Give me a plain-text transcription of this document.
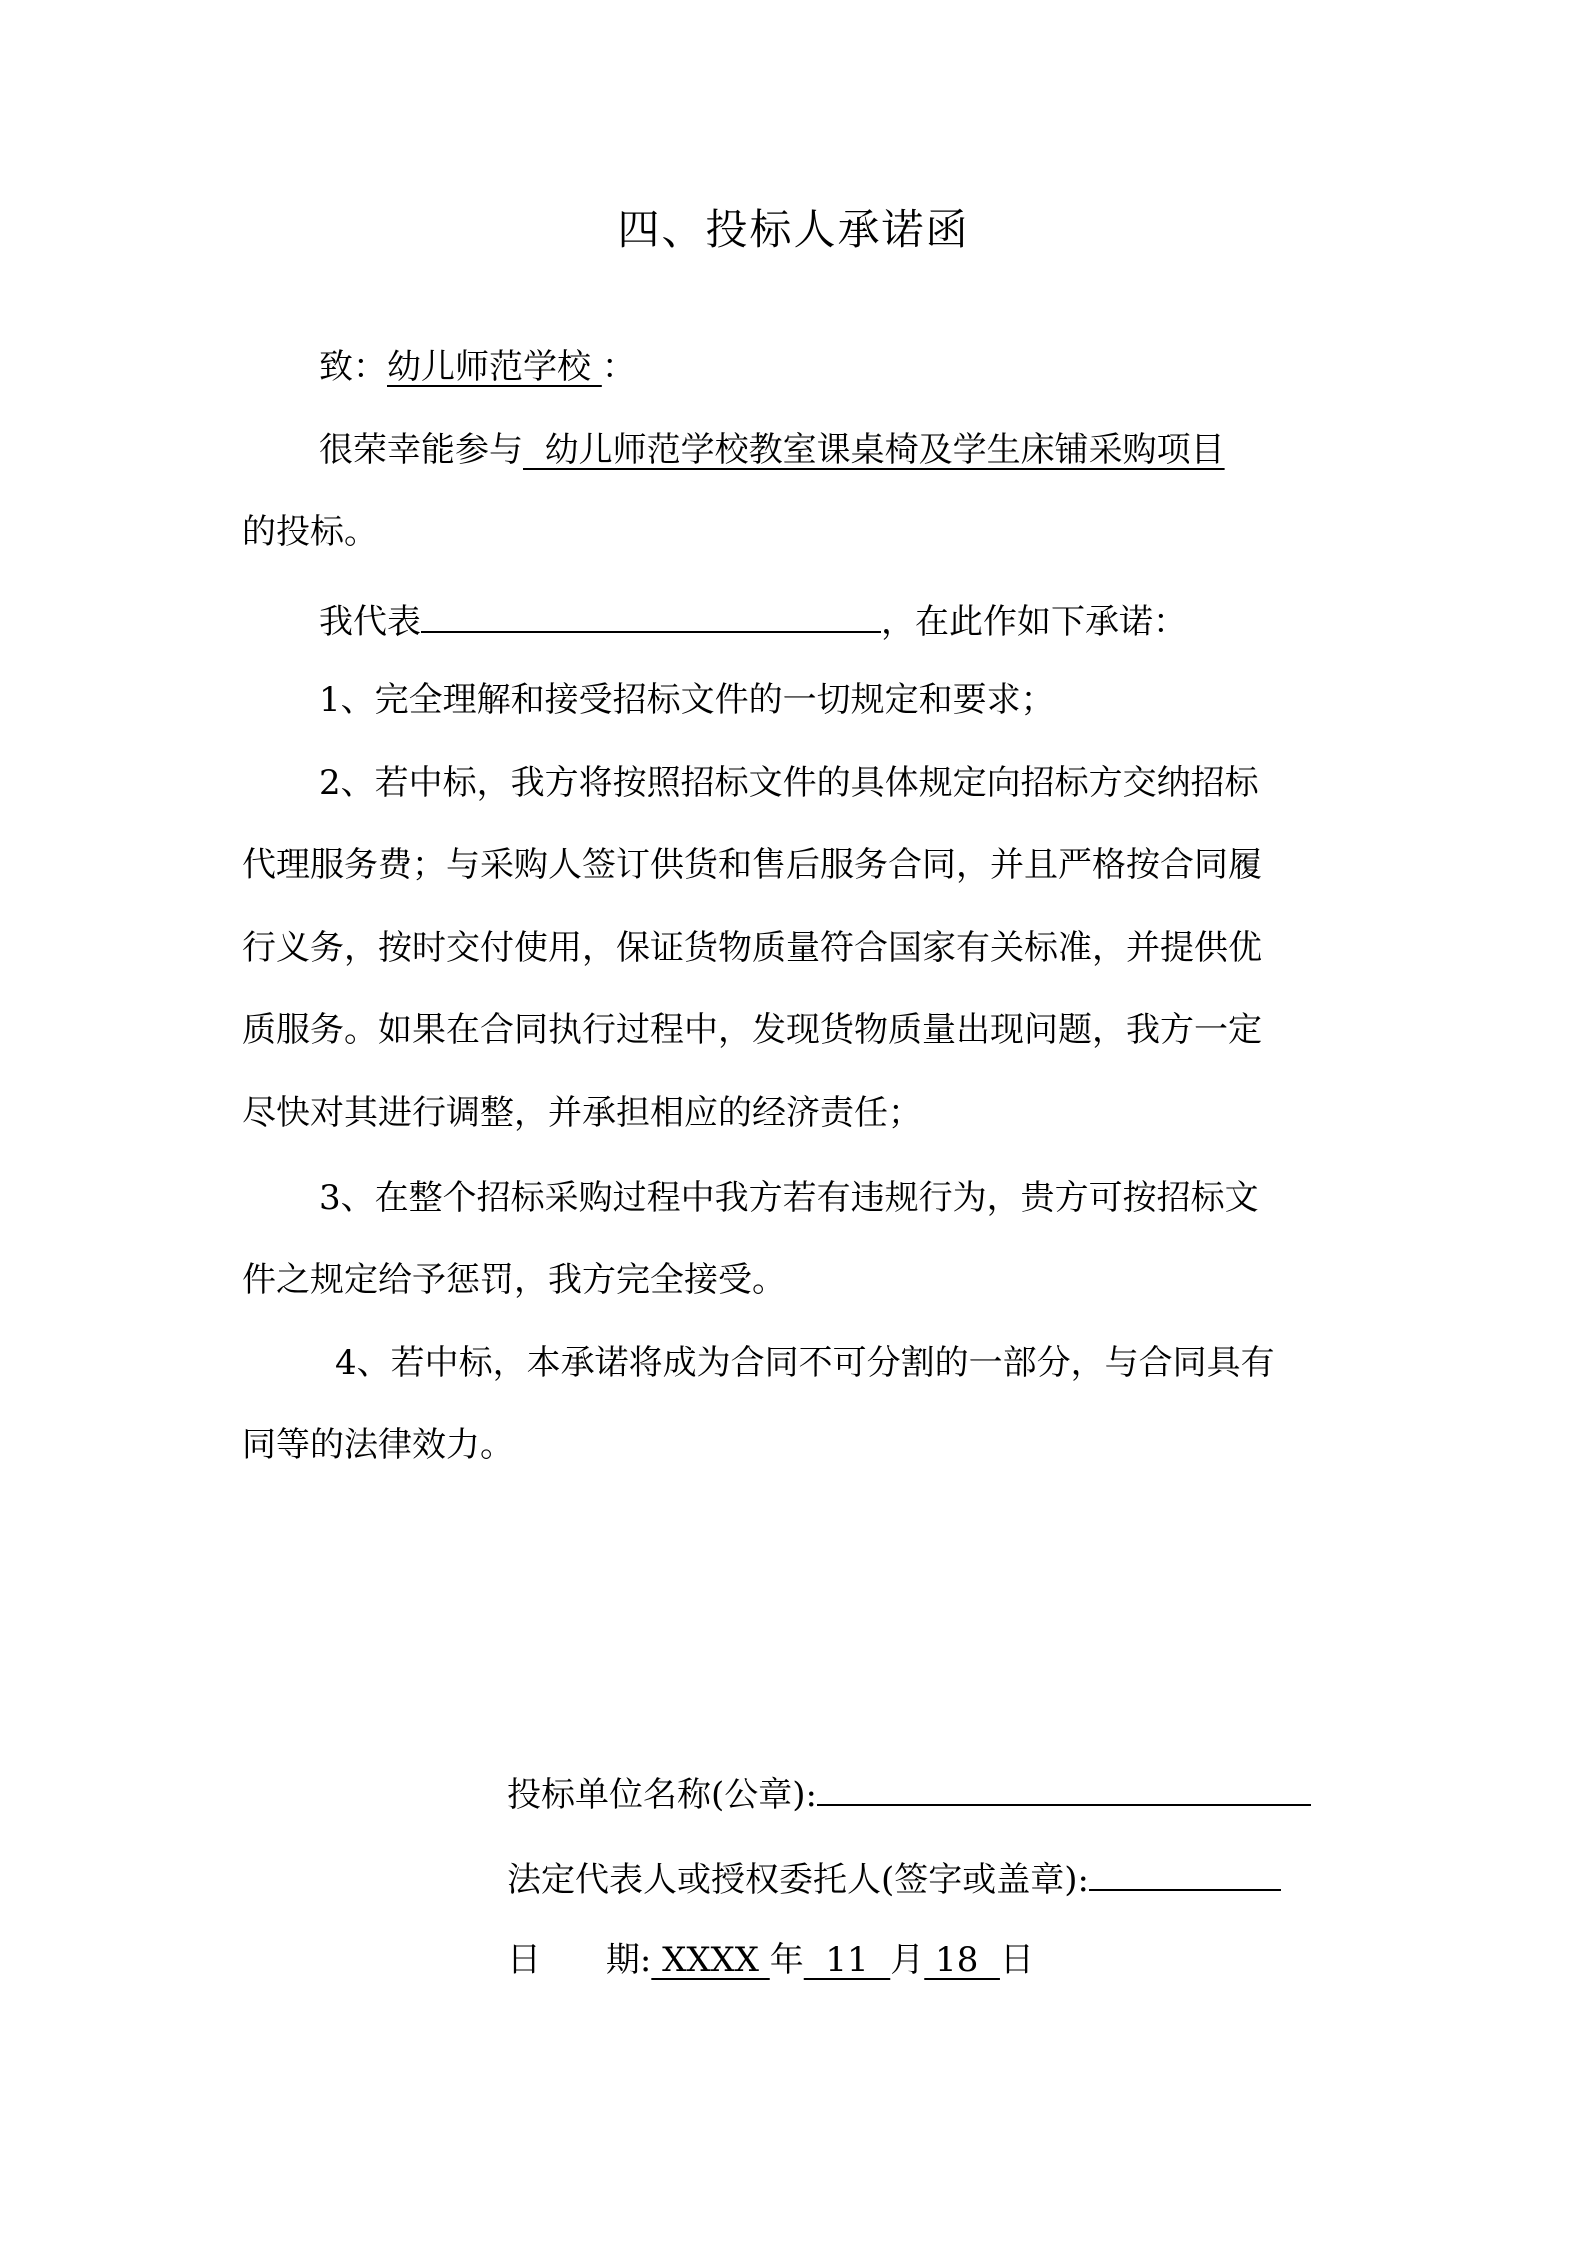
四、投标人承诺函
致：幼儿师范学校 ：
很荣幸能参与  幼儿师范学校教室课桌椅及学生床铺采购项目
的投标。
我代表	，在此作如下承诺：
1、完全理解和接受招标文件的一切规定和要求；
2、若中标，我方将按照招标文件的具体规定向招标方交纳招标
代理服务费；与采购人签订供货和售后服务合同，并且严格按合同履
行义务，按时交付使用，保证货物质量符合国家有关标准，并提供优
质服务。如果在合同执行过程中，发现货物质量出现问题，我方一定
尽快对其进行调整，并承担相应的经济责任；
3、在整个招标采购过程中我方若有违规行为，贵方可按招标文
件之规定给予惩罚，我方完全接受。
4、若中标，本承诺将成为合同不可分割的一部分，与合同具有
同等的法律效力。
投标单位名称(公章):
法定代表人或授权委托人(签字或盖章):
日      期: XXXX 年  11  月 18  日
